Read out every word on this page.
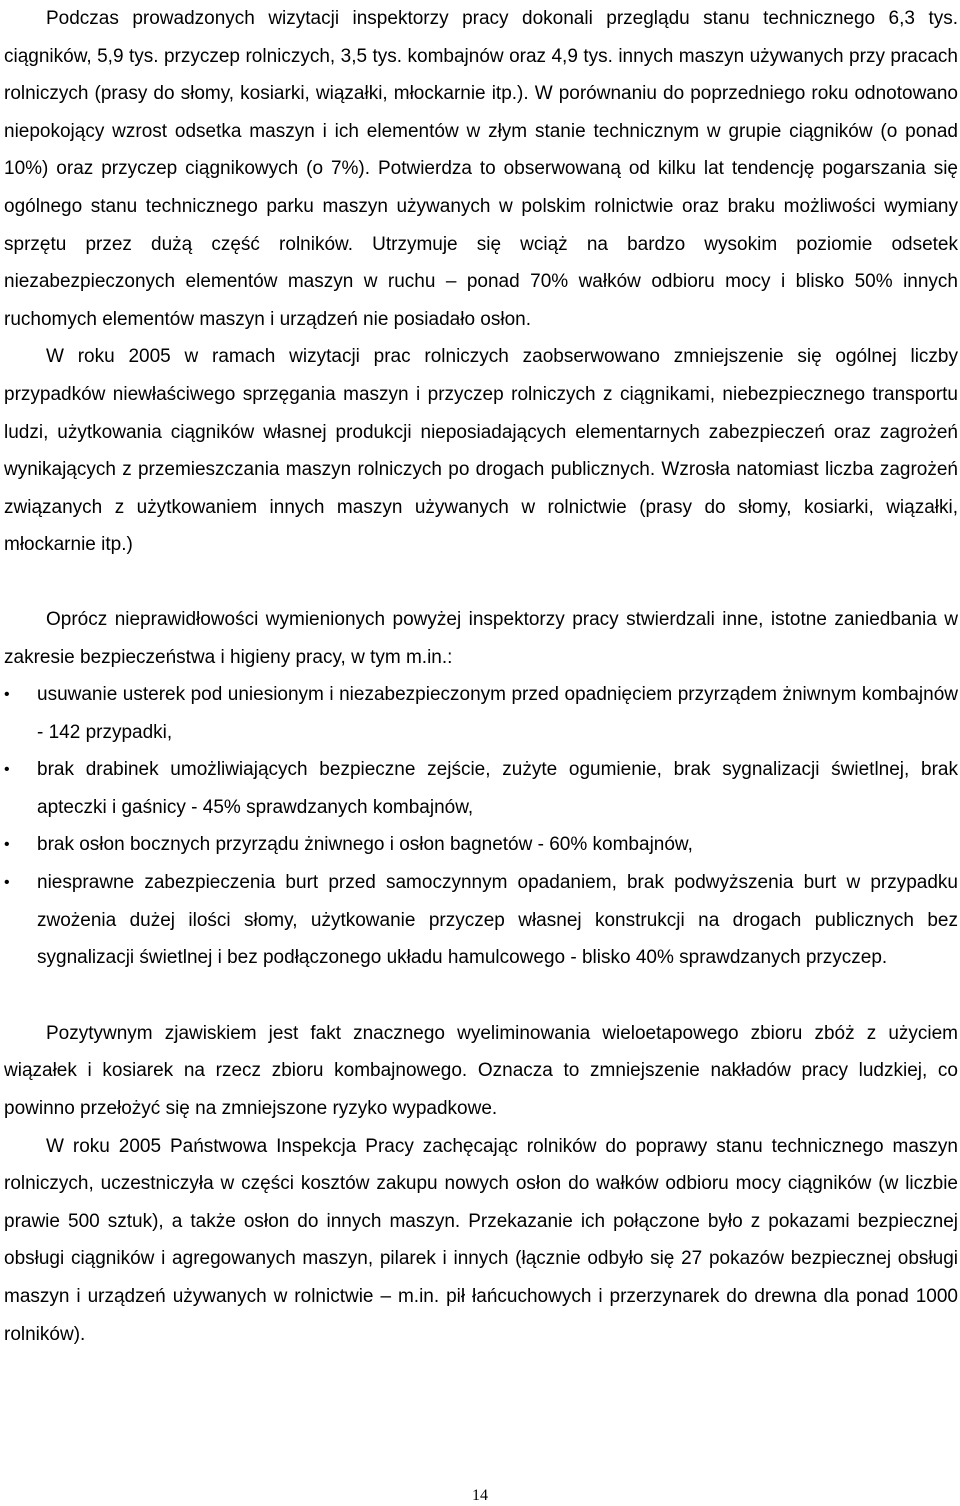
Podczas prowadzonych wizytacji inspektorzy pracy dokonali przeglądu stanu technicznego 6,3 tys. ciągników, 5,9 tys. przyczep rolniczych, 3,5 tys. kombajnów oraz 4,9 tys. innych maszyn używanych przy pracach rolniczych (prasy do słomy, kosiarki, wiązałki, młockarnie itp.). W porównaniu do poprzedniego roku odnotowano niepokojący wzrost odsetka maszyn i ich elementów w złym stanie technicznym w grupie ciągników (o ponad 10%) oraz przyczep ciągnikowych (o 7%). Potwierdza to obserwowaną od kilku lat tendencję pogarszania się ogólnego stanu technicznego parku maszyn używanych w polskim rolnictwie oraz braku możliwości wymiany sprzętu przez dużą część rolników. Utrzymuje się wciąż na bardzo wysokim poziomie odsetek niezabezpieczonych elementów maszyn w ruchu – ponad 70% wałków odbioru mocy i blisko 50% innych ruchomych elementów maszyn i urządzeń nie posiadało osłon.

W roku 2005 w ramach wizytacji prac rolniczych zaobserwowano zmniejszenie się ogólnej liczby przypadków niewłaściwego sprzęgania maszyn i przyczep rolniczych z ciągnikami, niebezpiecznego transportu ludzi, użytkowania ciągników własnej produkcji nieposiadających elementarnych zabezpieczeń oraz zagrożeń wynikających z przemieszczania maszyn rolniczych po drogach publicznych. Wzrosła natomiast liczba zagrożeń związanych z użytkowaniem innych maszyn używanych w rolnictwie (prasy do słomy, kosiarki, wiązałki, młockarnie itp.)

Oprócz nieprawidłowości wymienionych powyżej inspektorzy pracy stwierdzali inne, istotne zaniedbania w zakresie bezpieczeństwa i higieny pracy, w tym m.in.:

•	usuwanie usterek pod uniesionym i niezabezpieczonym przed opadnięciem przyrządem żniwnym kombajnów - 142 przypadki,
•	brak drabinek umożliwiających bezpieczne zejście, zużyte ogumienie, brak sygnalizacji świetlnej, brak apteczki i gaśnicy - 45% sprawdzanych kombajnów,
•	brak osłon bocznych przyrządu żniwnego i osłon bagnetów - 60% kombajnów,
•	niesprawne zabezpieczenia burt przed samoczynnym opadaniem, brak podwyższenia burt w przypadku zwożenia dużej ilości słomy, użytkowanie przyczep własnej konstrukcji na drogach publicznych bez sygnalizacji świetlnej i bez podłączonego układu hamulcowego - blisko 40% sprawdzanych przyczep.

Pozytywnym zjawiskiem jest fakt znacznego wyeliminowania wieloetapowego zbioru zbóż z użyciem wiązałek i kosiarek na rzecz zbioru kombajnowego. Oznacza to zmniejszenie nakładów pracy ludzkiej, co powinno przełożyć się na zmniejszone ryzyko wypadkowe.

W roku 2005 Państwowa Inspekcja Pracy zachęcając rolników do poprawy stanu technicznego maszyn rolniczych, uczestniczyła w części kosztów zakupu nowych osłon do wałków odbioru mocy ciągników (w liczbie prawie 500 sztuk), a także osłon do innych maszyn. Przekazanie ich połączone było z pokazami bezpiecznej obsługi ciągników i agregowanych maszyn, pilarek i innych (łącznie odbyło się 27 pokazów bezpiecznej obsługi maszyn i urządzeń używanych w rolnictwie – m.in. pił łańcuchowych i przerzynarek do drewna dla ponad 1000 rolników).

14
